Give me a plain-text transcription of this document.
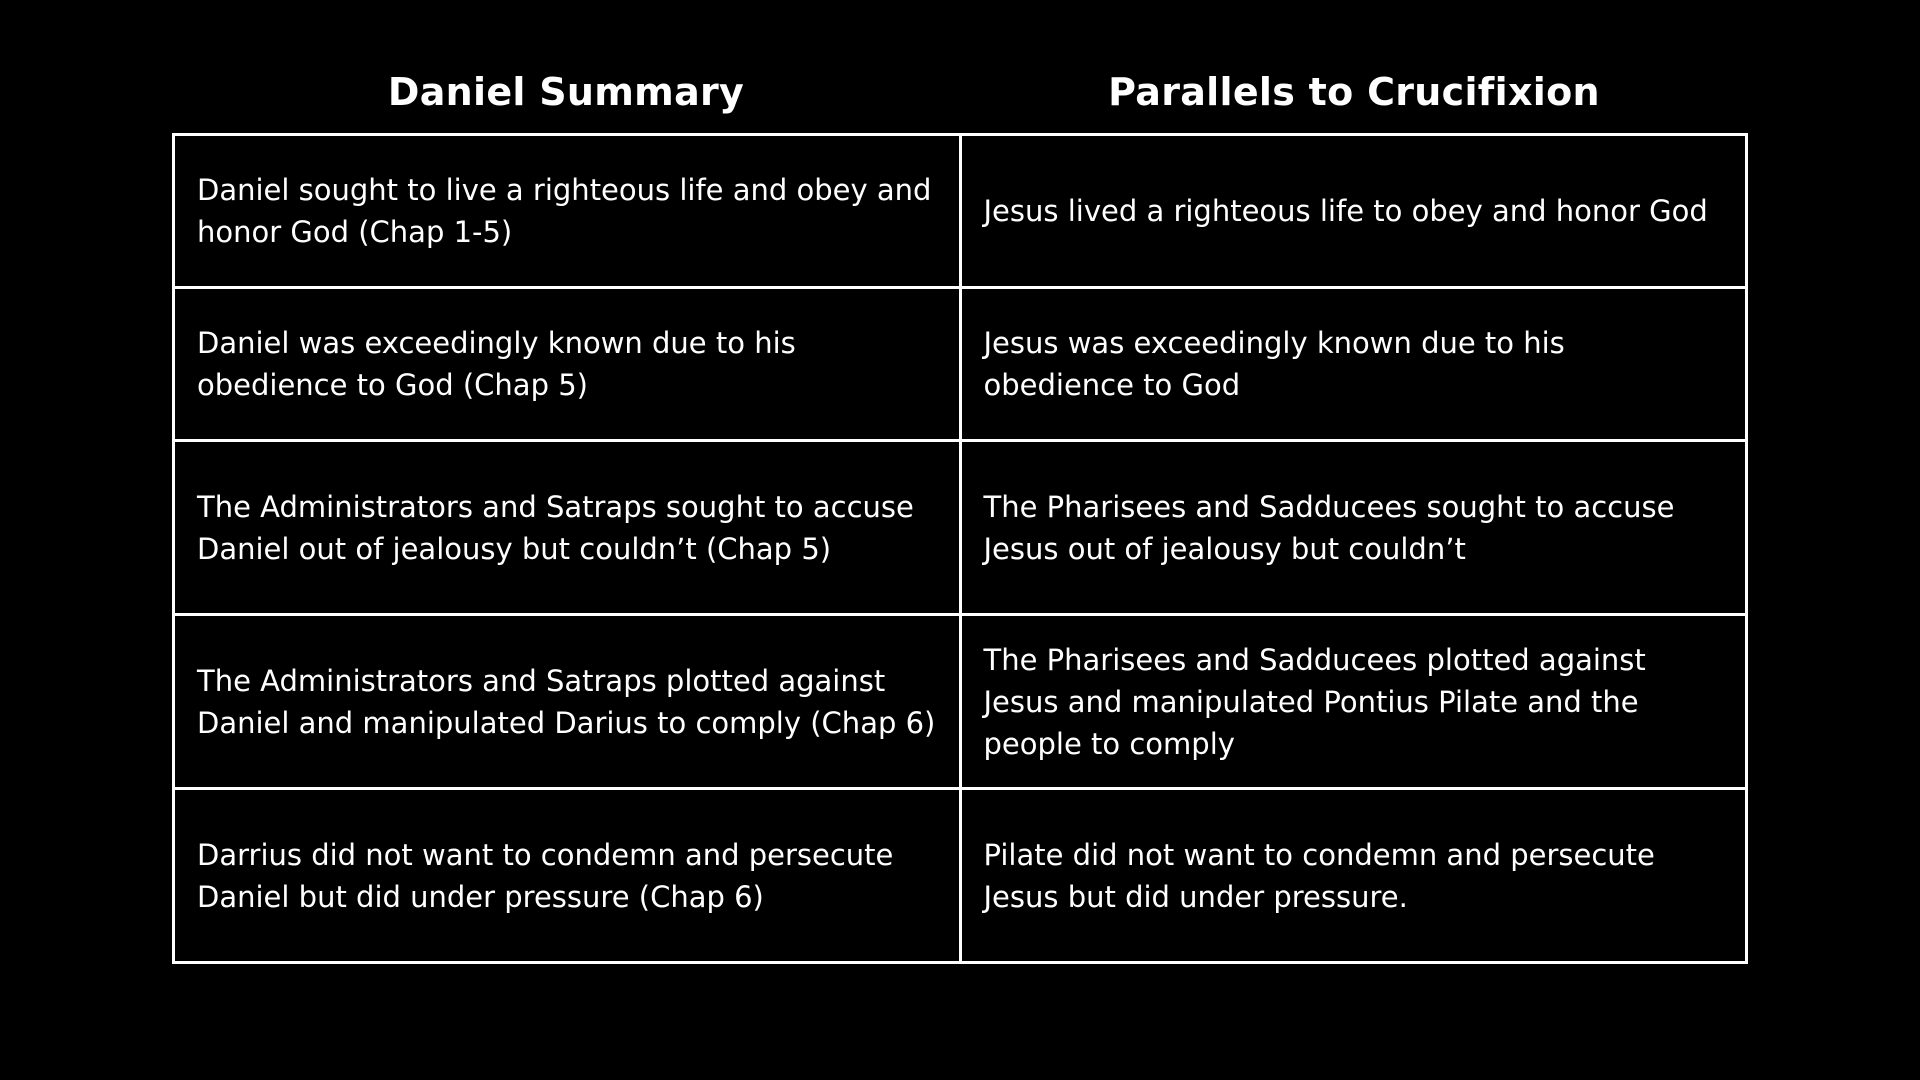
Daniel Summary	Parallels to Crucifixion
Daniel sought to live a righteous life and obey and honor God (Chap 1-5)	Jesus lived a righteous life to obey and honor God
Daniel was exceedingly known due to his obedience to God (Chap 5)	Jesus was exceedingly known due to his obedience to God
The Administrators and Satraps sought to accuse Daniel out of jealousy but couldn’t (Chap 5)	The Pharisees and Sadducees sought to accuse Jesus out of jealousy but couldn’t
The Administrators and Satraps plotted against Daniel and manipulated Darius to comply (Chap 6)	The Pharisees and Sadducees plotted against Jesus and manipulated Pontius Pilate and the people to comply
Darrius did not want to condemn and persecute Daniel but did under pressure (Chap 6)	Pilate did not want to condemn and persecute Jesus but did under pressure.
